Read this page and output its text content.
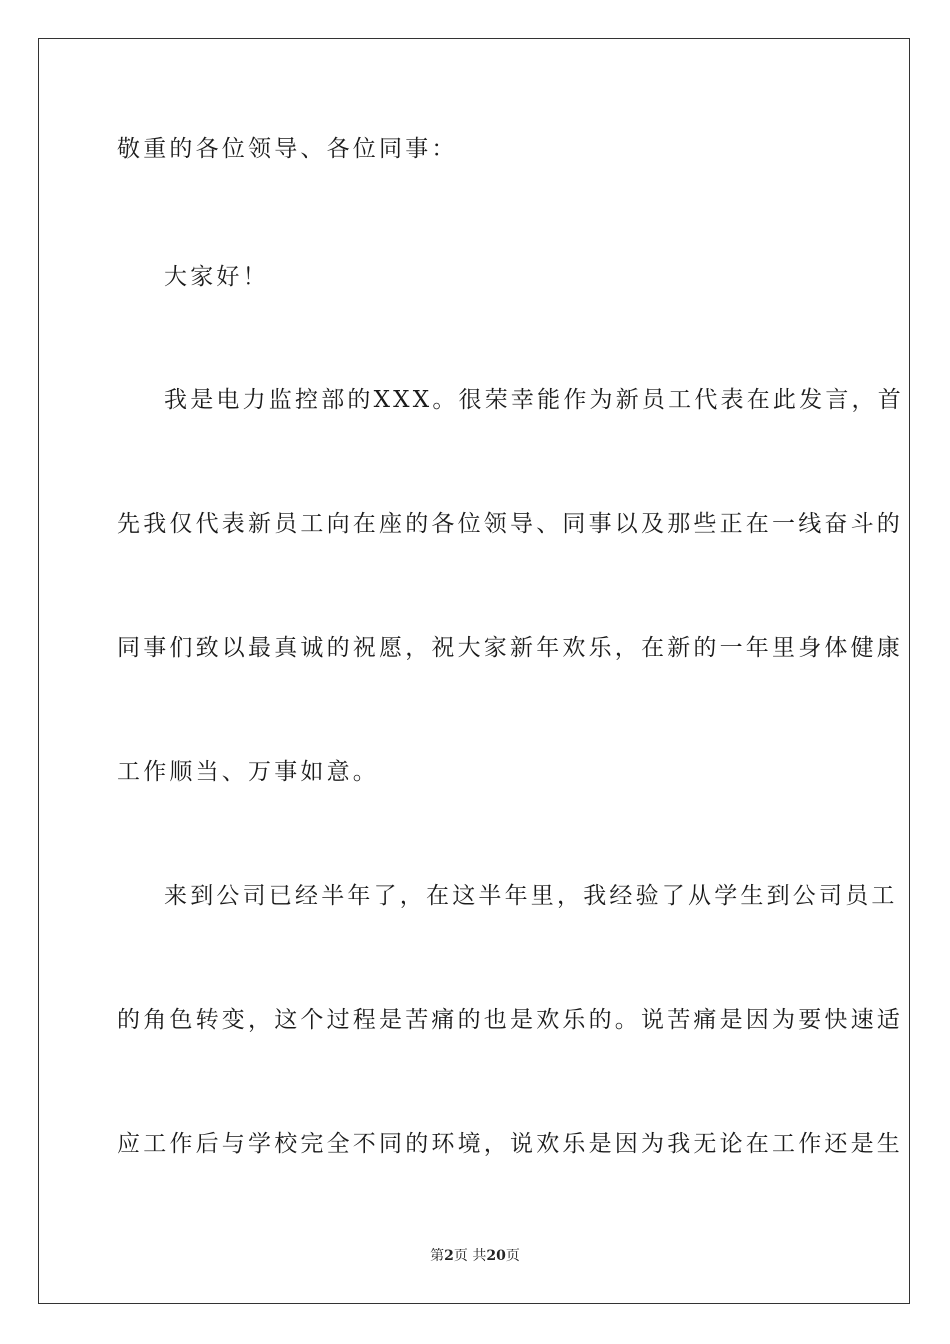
敬重的各位领导、各位同事：
大家好！
我是电力监控部的XXX。很荣幸能作为新员工代表在此发言，首
先我仅代表新员工向在座的各位领导、同事以及那些正在一线奋斗的
同事们致以最真诚的祝愿，祝大家新年欢乐，在新的一年里身体健康
工作顺当、万事如意。
来到公司已经半年了，在这半年里，我经验了从学生到公司员工
的角色转变，这个过程是苦痛的也是欢乐的。说苦痛是因为要快速适
应工作后与学校完全不同的环境，说欢乐是因为我无论在工作还是生
第2页 共20页
